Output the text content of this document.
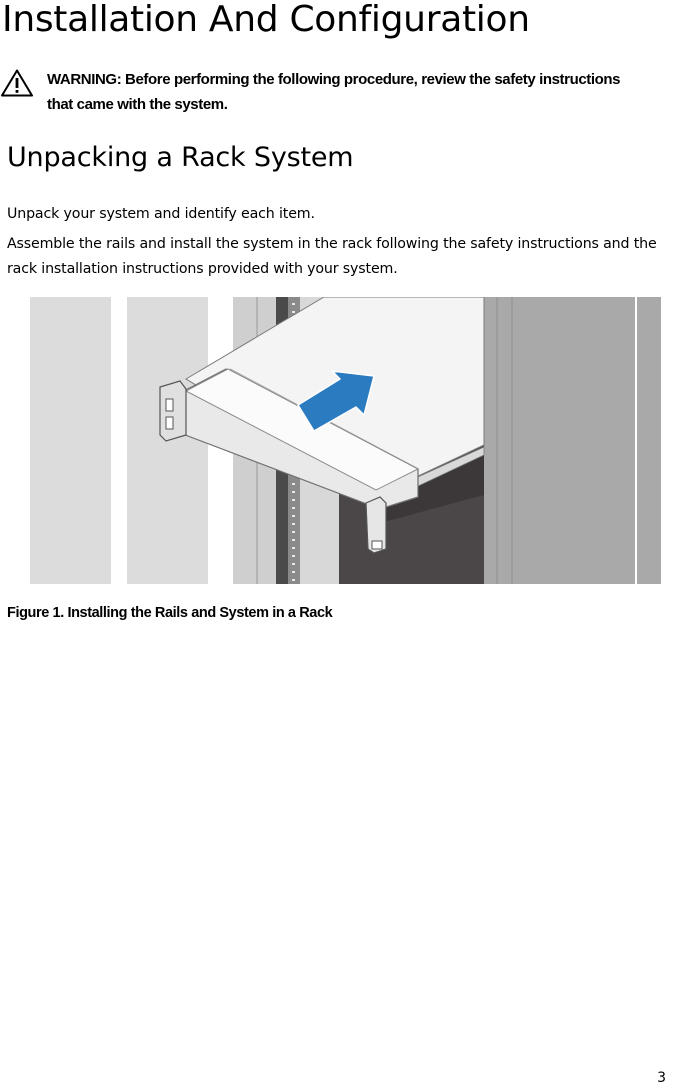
Installation And Configuration

WARNING: Before performing the following procedure, review the safety instructions that came with the system.

Unpacking a Rack System

Unpack your system and identify each item.

Assemble the rails and install the system in the rack following the safety instructions and the rack installation instructions provided with your system.

Figure 1. Installing the Rails and System in a Rack

3
